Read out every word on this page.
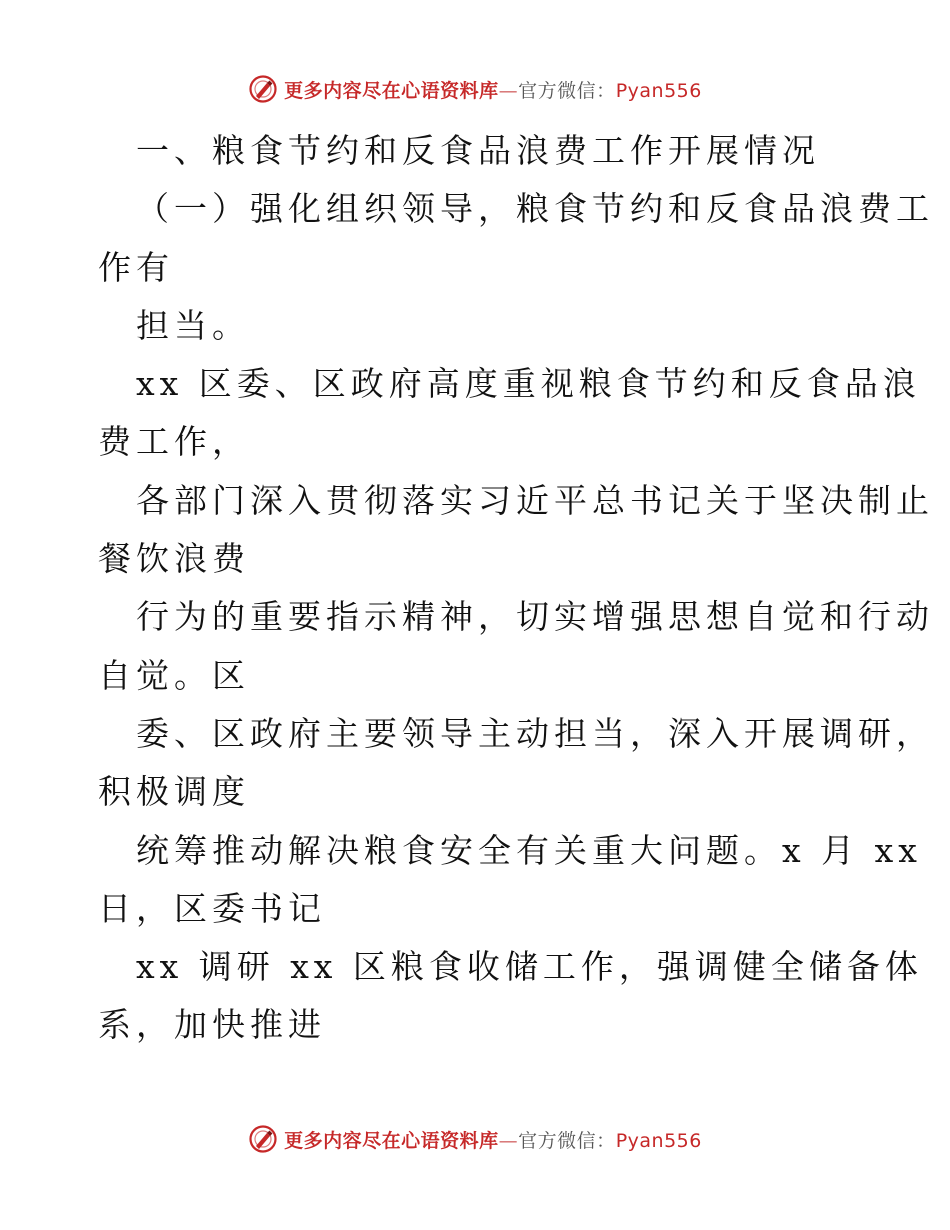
更多内容尽在心语资料库—官方微信：Pyan556
一、粮食节约和反食品浪费工作开展情况
（一）强化组织领导，粮食节约和反食品浪费工
作有
担当。
xx 区委、区政府高度重视粮食节约和反食品浪
费工作，
各部门深入贯彻落实习近平总书记关于坚决制止
餐饮浪费
行为的重要指示精神，切实增强思想自觉和行动
自觉。区
委、区政府主要领导主动担当，深入开展调研，
积极调度
统筹推动解决粮食安全有关重大问题。x 月 xx
日，区委书记
xx 调研 xx 区粮食收储工作，强调健全储备体
系，加快推进
更多内容尽在心语资料库—官方微信：Pyan556
